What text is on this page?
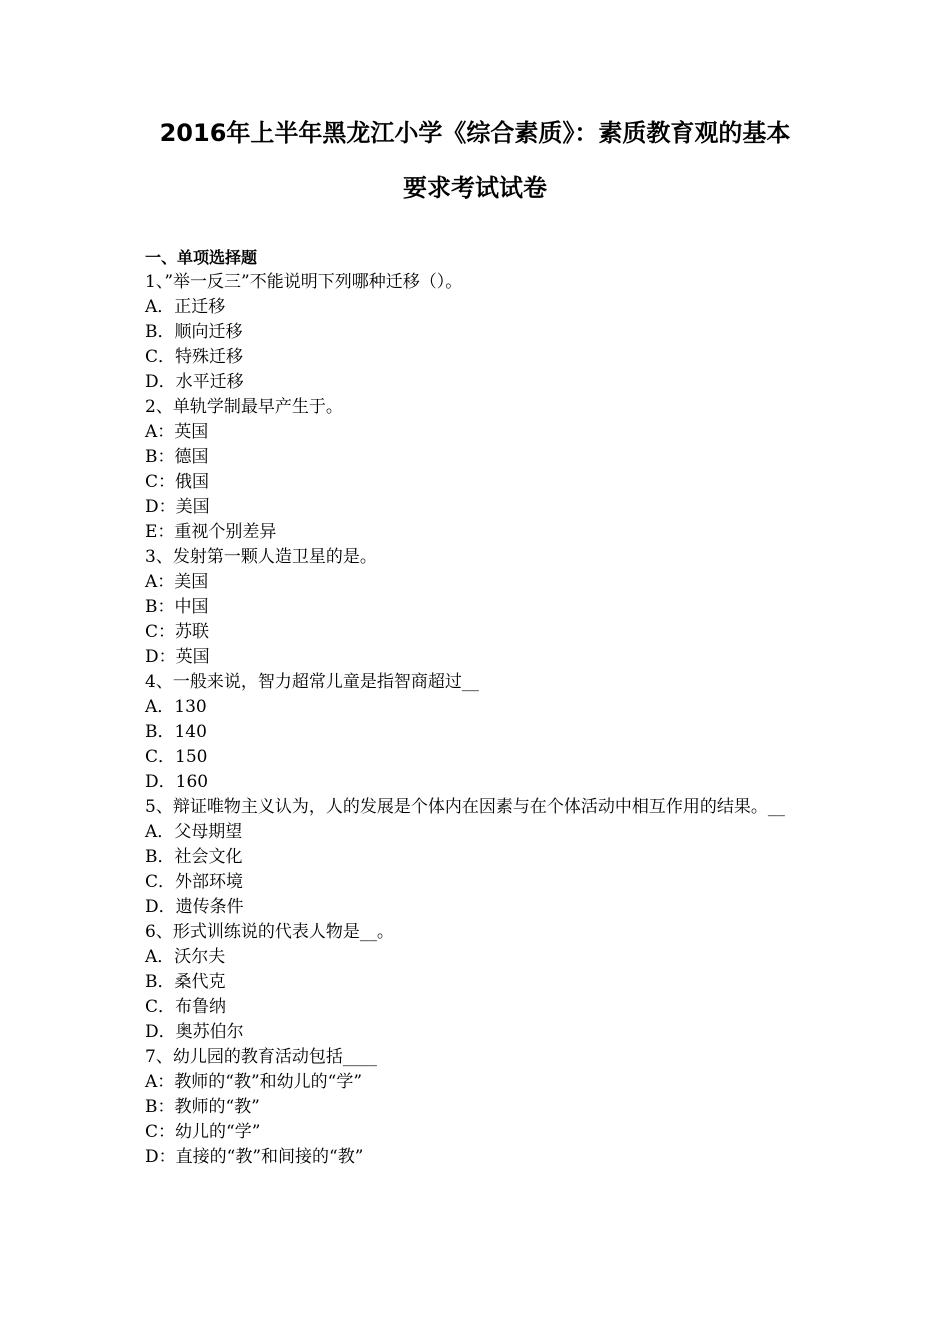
2016年上半年黑龙江小学《综合素质》：素质教育观的基本
要求考试试卷
一、单项选择题
1、”举一反三”不能说明下列哪种迁移（）。
A．正迁移
B．顺向迁移
C．特殊迁移
D．水平迁移
2、单轨学制最早产生于。
A：英国
B：德国
C：俄国
D：美国
E：重视个别差异
3、发射第一颗人造卫星的是。
A：美国
B：中国
C：苏联
D：英国
4、一般来说，智力超常儿童是指智商超过__
A．130
B．140
C．150
D．160
5、辩证唯物主义认为，人的发展是个体内在因素与在个体活动中相互作用的结果。__
A．父母期望
B．社会文化
C．外部环境
D．遗传条件
6、形式训练说的代表人物是__。
A．沃尔夫
B．桑代克
C．布鲁纳
D．奥苏伯尔
7、幼儿园的教育活动包括____
A：教师的“教”和幼儿的“学”
B：教师的“教”
C：幼儿的“学”
D：直接的“教”和间接的“教”
